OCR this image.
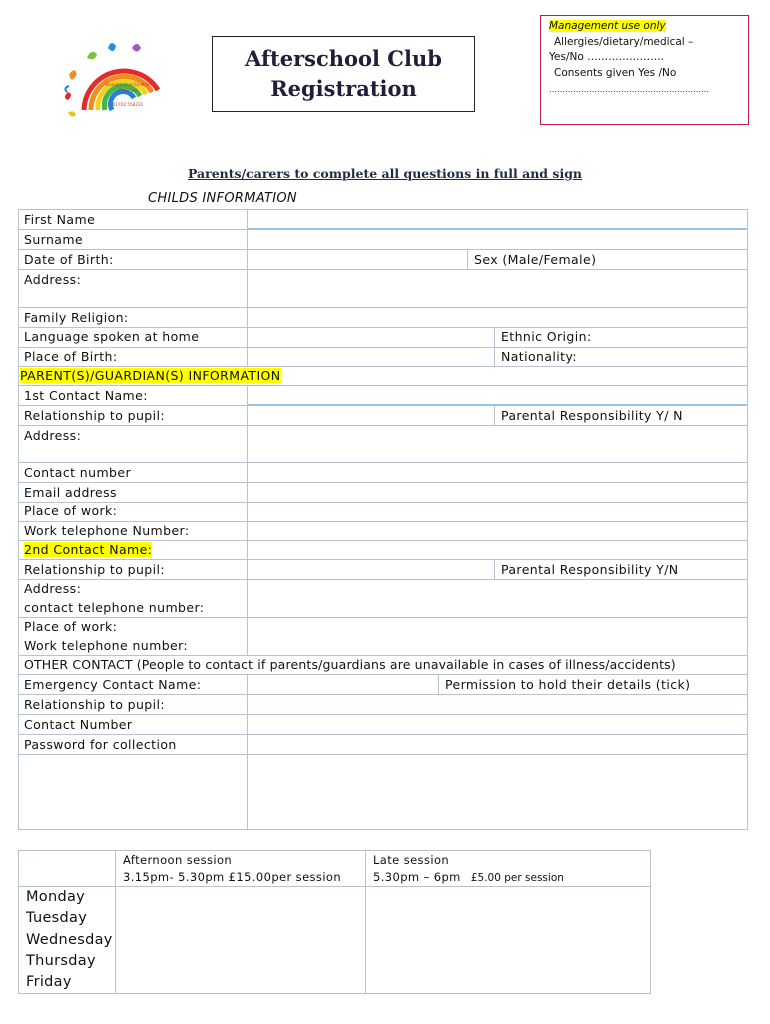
Straight Lines Children
Childcare
01702 558231
Afterschool Club
Registration
Management use only
Allergies/dietary/medical –
Yes/No ………………….
Consents given Yes /No
……………………………………………………
Parents/carers to complete all questions in full and sign
CHILDS INFORMATION
First Name
Surname
Date of Birth:	Sex (Male/Female)
Address:
Family Religion:
Language spoken at home	Ethnic Origin:
Place of Birth:	Nationality:
PARENT(S)/GUARDIAN(S) INFORMATION
1st Contact Name:
Relationship to pupil:	Parental Responsibility Y/ N
Address:
Contact number
Email address
Place of work:
Work telephone Number:
2nd Contact Name:
Relationship to pupil:	Parental Responsibility Y/N
Address:
contact telephone number:
Place of work:
Work telephone number:
OTHER CONTACT (People to contact if parents/guardians are unavailable in cases of illness/accidents)
Emergency Contact Name:	Permission to hold their details (tick)
Relationship to pupil:
Contact Number
Password for collection
Afternoon session
3.15pm- 5.30pm £15.00per session
Late session
5.30pm – 6pm £5.00 per session
Monday
Tuesday
Wednesday
Thursday
Friday
